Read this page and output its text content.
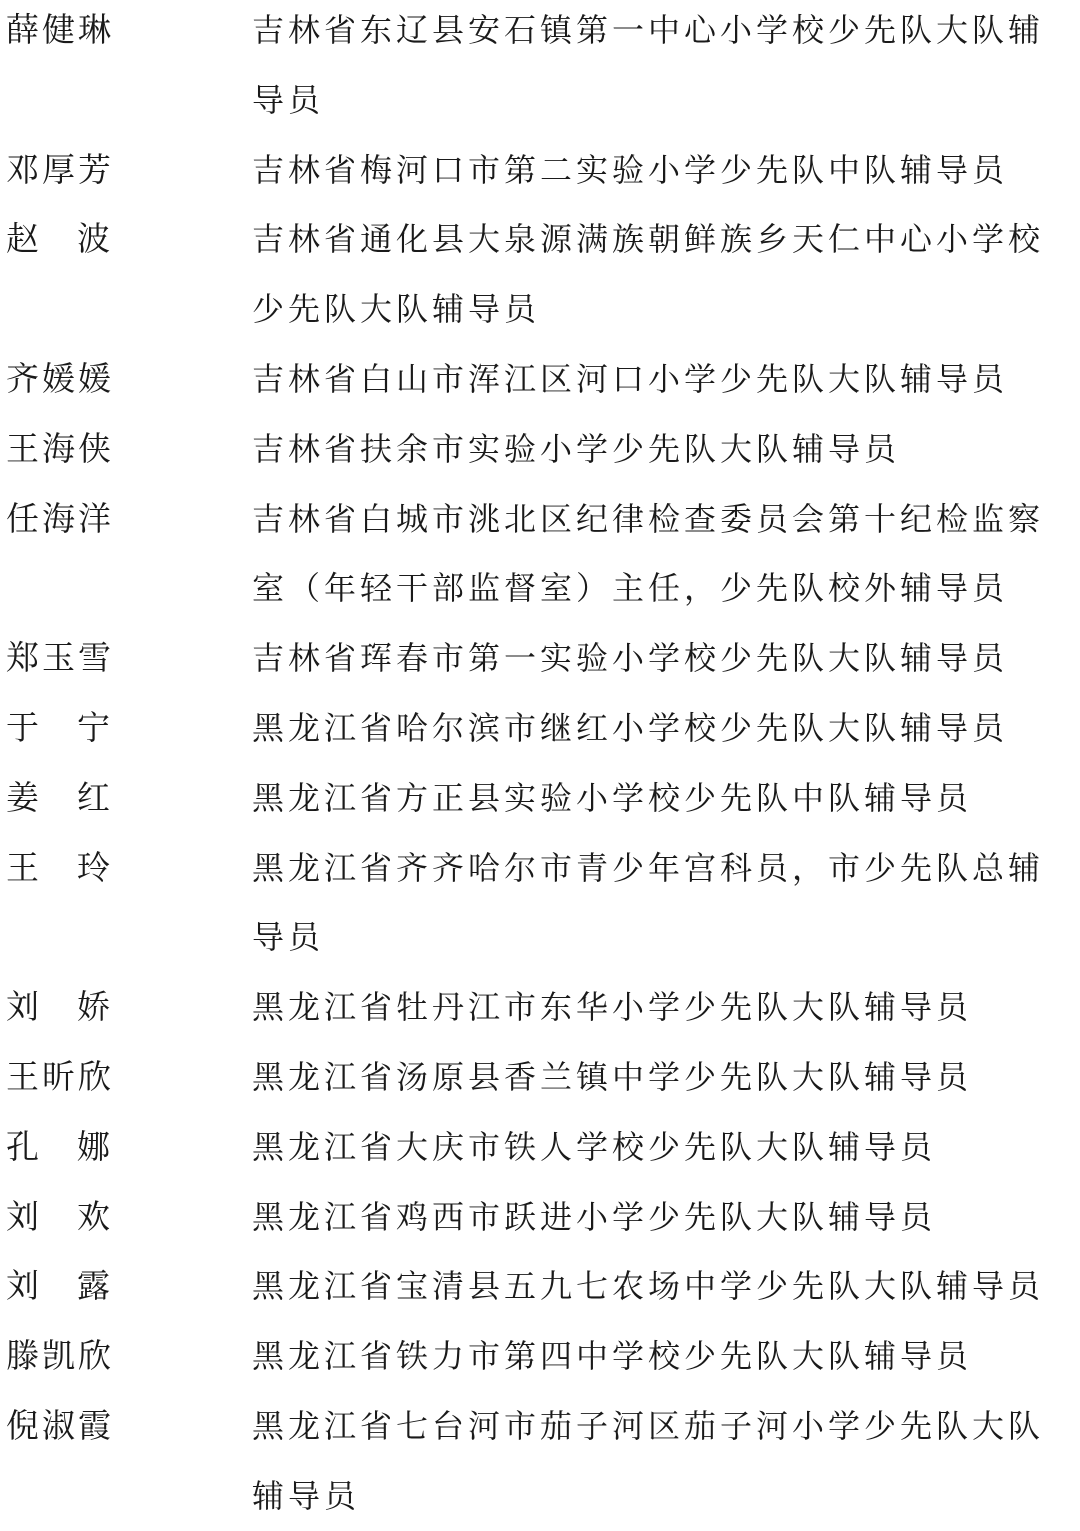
薛健琳	吉林省东辽县安石镇第一中心小学校少先队大队辅
导员
邓厚芳	吉林省梅河口市第二实验小学少先队中队辅导员
赵 波	吉林省通化县大泉源满族朝鲜族乡天仁中心小学校
少先队大队辅导员
齐媛媛	吉林省白山市浑江区河口小学少先队大队辅导员
王海侠	吉林省扶余市实验小学少先队大队辅导员
任海洋	吉林省白城市洮北区纪律检查委员会第十纪检监察
室（年轻干部监督室）主任，少先队校外辅导员
郑玉雪	吉林省珲春市第一实验小学校少先队大队辅导员
于 宁	黑龙江省哈尔滨市继红小学校少先队大队辅导员
姜 红	黑龙江省方正县实验小学校少先队中队辅导员
王 玲	黑龙江省齐齐哈尔市青少年宫科员，市少先队总辅
导员
刘 娇	黑龙江省牡丹江市东华小学少先队大队辅导员
王昕欣	黑龙江省汤原县香兰镇中学少先队大队辅导员
孔 娜	黑龙江省大庆市铁人学校少先队大队辅导员
刘 欢	黑龙江省鸡西市跃进小学少先队大队辅导员
刘 露	黑龙江省宝清县五九七农场中学少先队大队辅导员
滕凯欣	黑龙江省铁力市第四中学校少先队大队辅导员
倪淑霞	黑龙江省七台河市茄子河区茄子河小学少先队大队
辅导员
